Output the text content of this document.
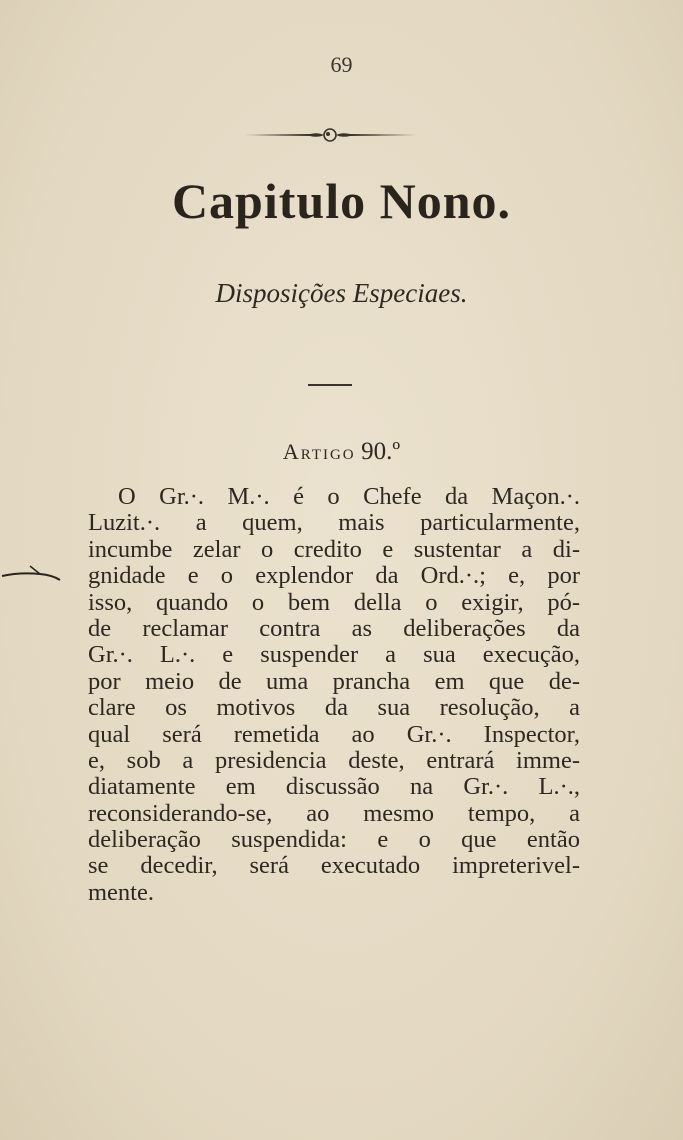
69
Capitulo Nono.
Disposições Especiaes.
Artigo 90.º
O Gr.·. M.·. é o Chefe da Maçon.·.
Luzit.·. a quem, mais particularmente,
incumbe zelar o credito e sustentar a di-
gnidade e o explendor da Ord.·.; e, por
isso, quando o bem della o exigir, pó-
de reclamar contra as deliberações da
Gr.·. L.·. e suspender a sua execução,
por meio de uma prancha em que de-
clare os motivos da sua resolução, a
qual será remetida ao Gr.·. Inspector,
e, sob a presidencia deste, entrará imme-
diatamente em discussão na Gr.·. L.·.,
reconsiderando-se, ao mesmo tempo, a
deliberação suspendida: e o que então
se decedir, será executado impreterivel-
mente.
